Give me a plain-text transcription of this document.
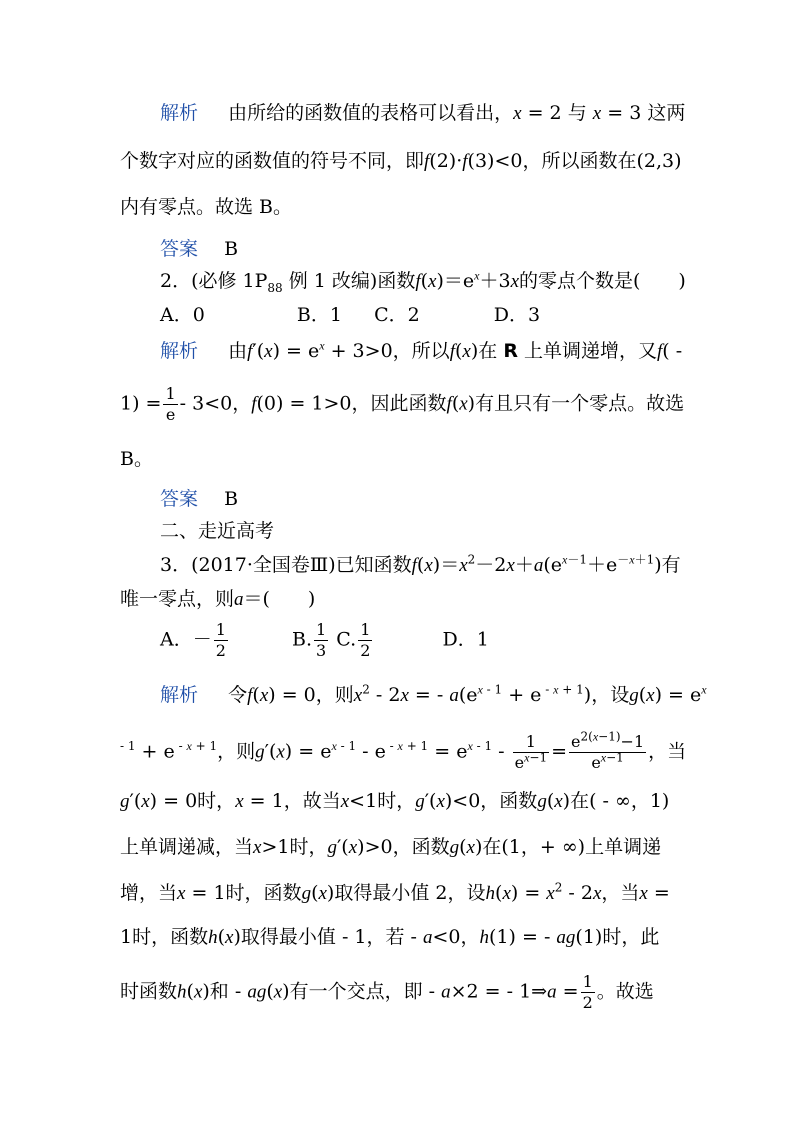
解析 由所给的函数值的表格可以看出，x = 2 与 x = 3 这两
个数字对应的函数值的符号不同，即f(2)·f(3)<0，所以函数在(2,3)
内有零点。故选 B。
答案 B
2．(必修 $1P_{88}$ 例 1 改编)函数$f(x)=e^x+3x$的零点个数是(　　)
A．0	B．1 C．2	D．3
解析 由$f'(x) = e^x + 3>0$，所以f(x)在 R 上单调递增，又f( -
$1) = \frac{1}{e} - 3<0$，f(0) = 1>0，因此函数f(x)有且只有一个零点。故选
B。
答案 B
二、走近高考
3．(2017·全国卷Ⅲ)已知函数$f(x)=x^2-2x+a(e^{x-1}+e^{-x+1})$有
唯一零点，则a＝(　　)
A．－ $\frac{1}{2}$	B. $\frac{1}{3} C$. $\frac{1}{2}$	D．1
解析 令f(x) = 0，则$x^2 - 2x$ = - $a(e^{x - 1} + e$ $^{- x + 1}$)，设$g(x) = e^x$
$^{- 1}$ + e $^{- x + 1}$，则$g'(x) = e^{x - 1} - e$ $^{- x + 1} = e^{x - 1} - \frac{1}{e^{x-1}} = \frac{e^{2(x-1)}-1}{e^{x-1}}$ ，当
g′(x) = 0时，x = 1，故当x<1时，g′(x)<0，函数g(x)在( - ∞，1)
上单调递减，当x>1时，g′(x)>0，函数g(x)在(1，+ ∞)上单调递
增，当x = 1时，函数g(x)取得最小值 2，设$h(x) = x^2 - 2x$，当x =
1时，函数h(x)取得最小值 - 1，若 - a<0，h(1) = - ag(1)时，此
时函数h(x)和 - ag(x)有一个交点，即 - a×2 = - 1⇒a = $\frac{1}{2}$ 。故选
